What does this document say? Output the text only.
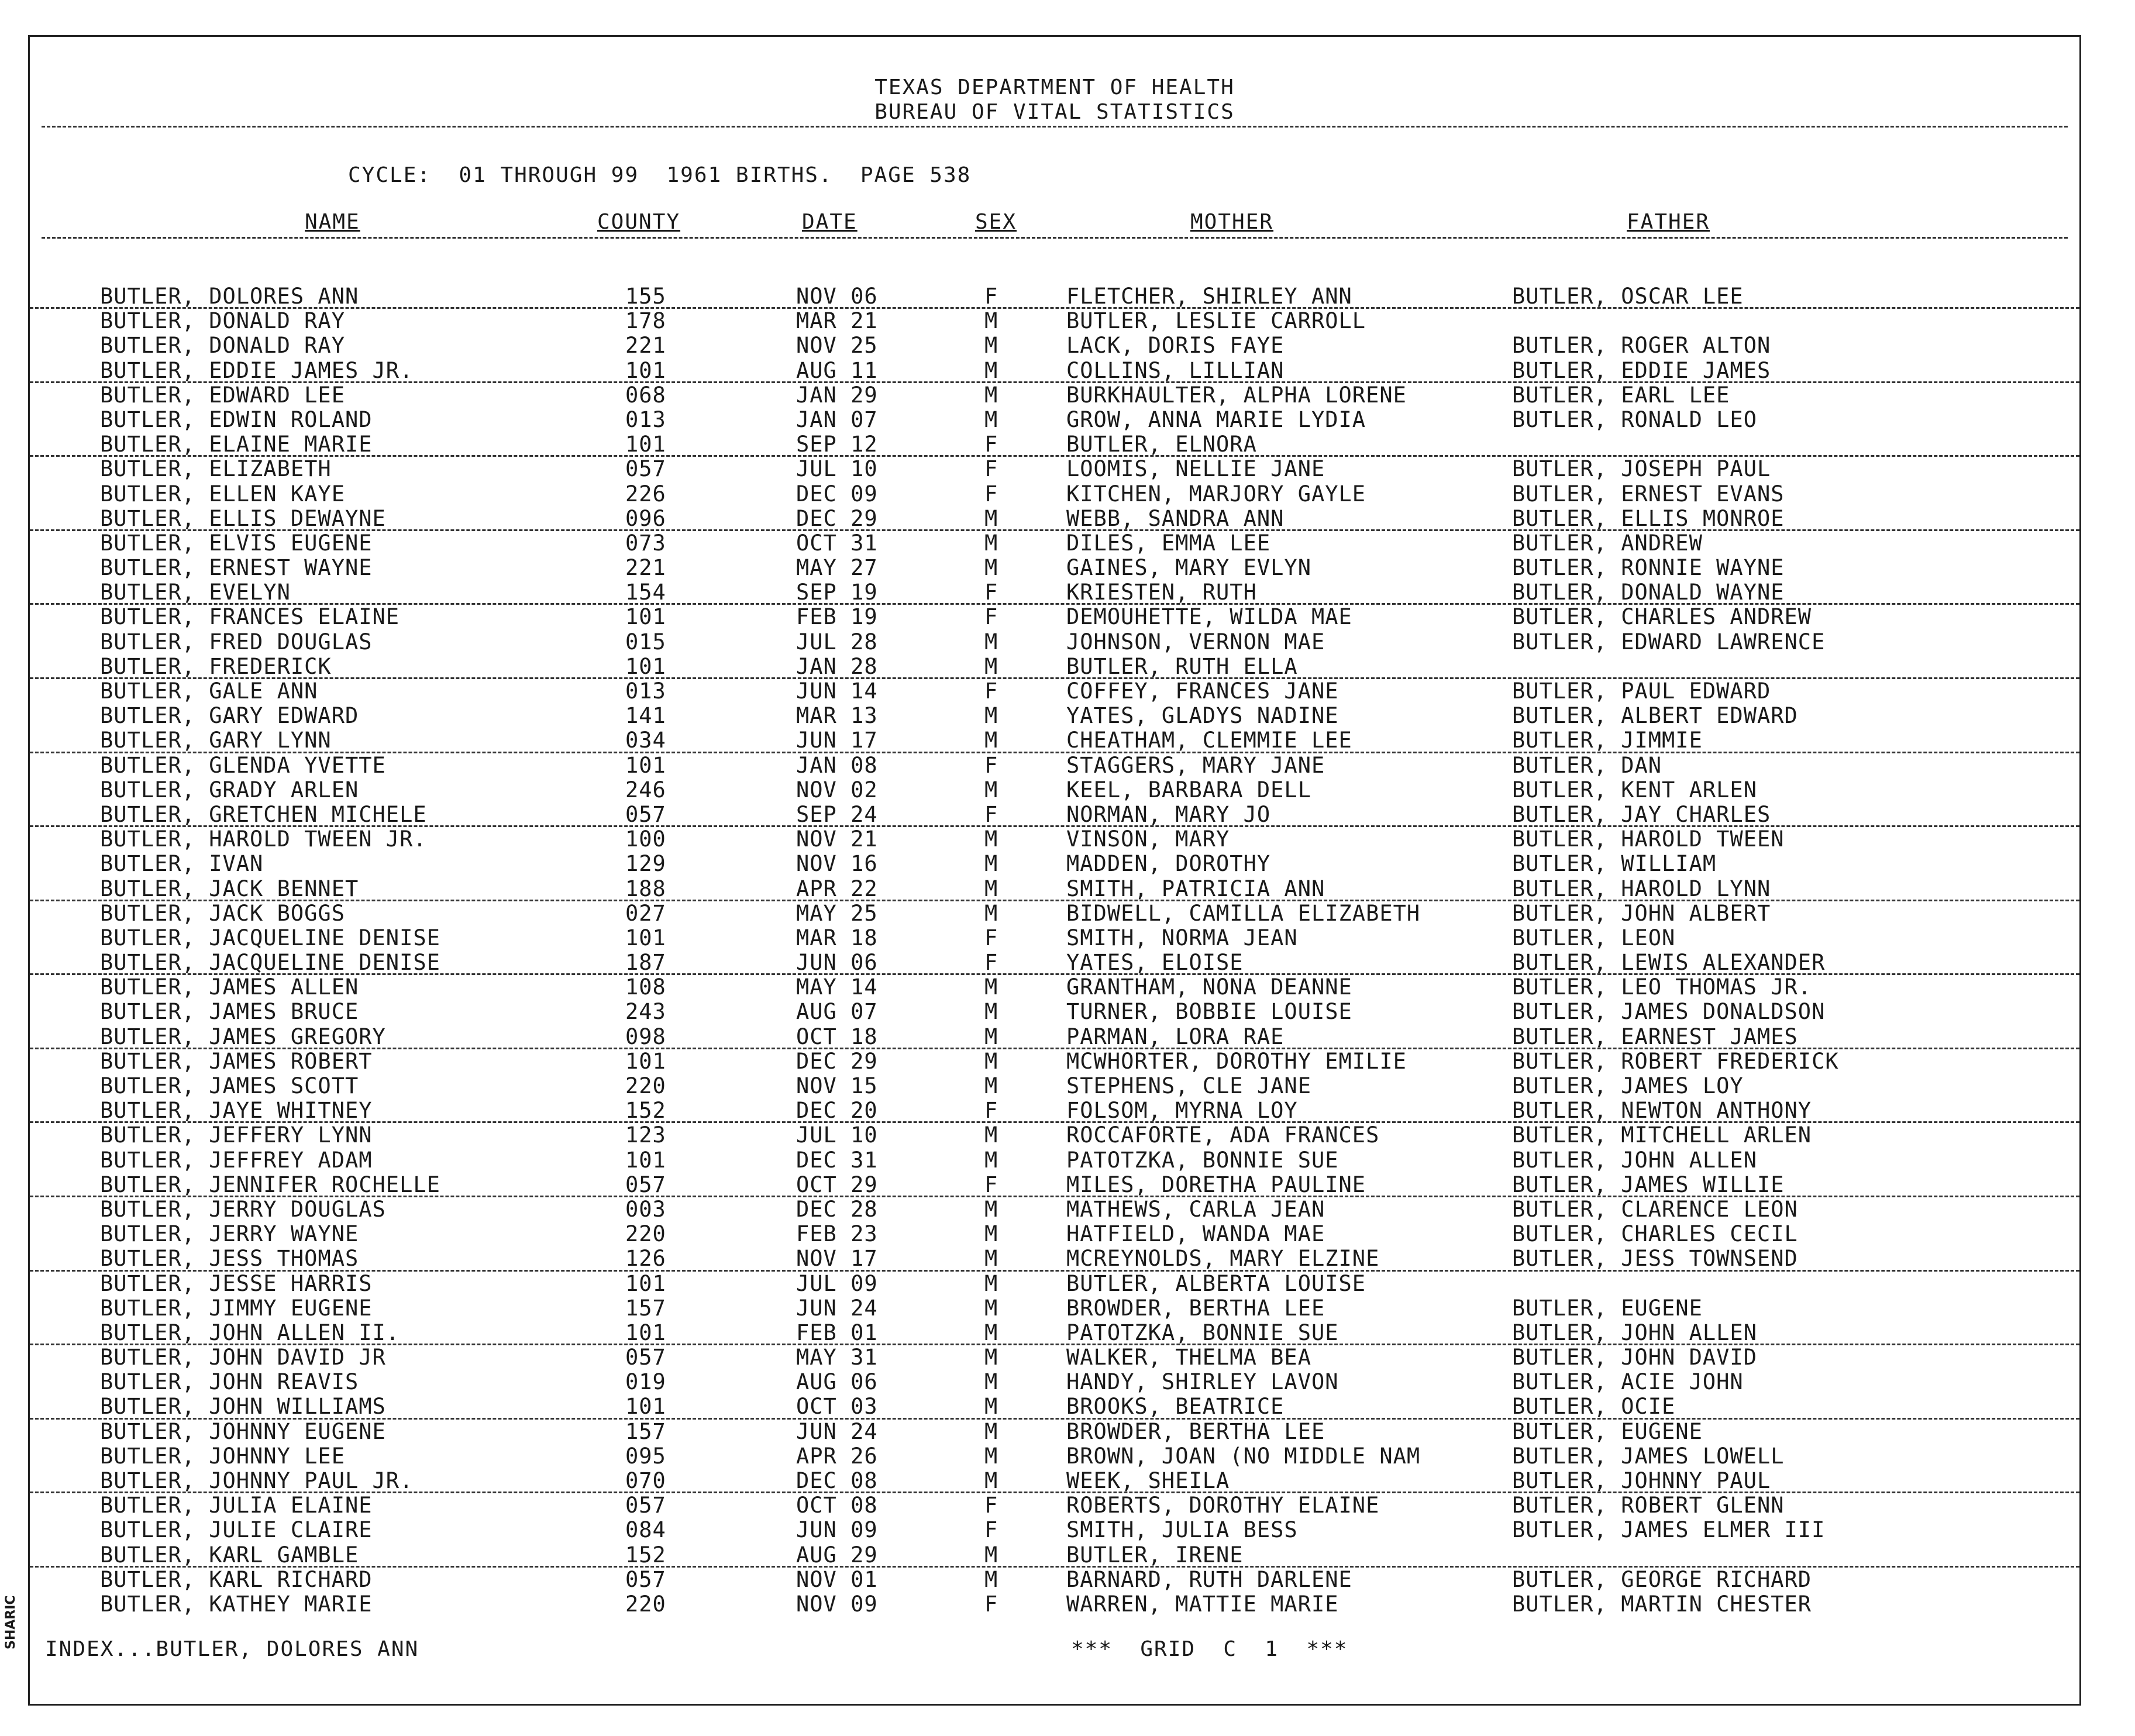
TEXAS DEPARTMENT OF HEALTH
BUREAU OF VITAL STATISTICS
CYCLE:  01 THROUGH 99  1961 BIRTHS.  PAGE 538
NAME	COUNTY	DATE	SEX	MOTHER	FATHER
BUTLER, DOLORES ANN	155	NOV 06	F	FLETCHER, SHIRLEY ANN	BUTLER, OSCAR LEE
BUTLER, DONALD RAY	178	MAR 21	M	BUTLER, LESLIE CARROLL
BUTLER, DONALD RAY	221	NOV 25	M	LACK, DORIS FAYE	BUTLER, ROGER ALTON
BUTLER, EDDIE JAMES JR.	101	AUG 11	M	COLLINS, LILLIAN	BUTLER, EDDIE JAMES
BUTLER, EDWARD LEE	068	JAN 29	M	BURKHAULTER, ALPHA LORENE	BUTLER, EARL LEE
BUTLER, EDWIN ROLAND	013	JAN 07	M	GROW, ANNA MARIE LYDIA	BUTLER, RONALD LEO
BUTLER, ELAINE MARIE	101	SEP 12	F	BUTLER, ELNORA
BUTLER, ELIZABETH	057	JUL 10	F	LOOMIS, NELLIE JANE	BUTLER, JOSEPH PAUL
BUTLER, ELLEN KAYE	226	DEC 09	F	KITCHEN, MARJORY GAYLE	BUTLER, ERNEST EVANS
BUTLER, ELLIS DEWAYNE	096	DEC 29	M	WEBB, SANDRA ANN	BUTLER, ELLIS MONROE
BUTLER, ELVIS EUGENE	073	OCT 31	M	DILES, EMMA LEE	BUTLER, ANDREW
BUTLER, ERNEST WAYNE	221	MAY 27	M	GAINES, MARY EVLYN	BUTLER, RONNIE WAYNE
BUTLER, EVELYN	154	SEP 19	F	KRIESTEN, RUTH	BUTLER, DONALD WAYNE
BUTLER, FRANCES ELAINE	101	FEB 19	F	DEMOUHETTE, WILDA MAE	BUTLER, CHARLES ANDREW
BUTLER, FRED DOUGLAS	015	JUL 28	M	JOHNSON, VERNON MAE	BUTLER, EDWARD LAWRENCE
BUTLER, FREDERICK	101	JAN 28	M	BUTLER, RUTH ELLA
BUTLER, GALE ANN	013	JUN 14	F	COFFEY, FRANCES JANE	BUTLER, PAUL EDWARD
BUTLER, GARY EDWARD	141	MAR 13	M	YATES, GLADYS NADINE	BUTLER, ALBERT EDWARD
BUTLER, GARY LYNN	034	JUN 17	M	CHEATHAM, CLEMMIE LEE	BUTLER, JIMMIE
BUTLER, GLENDA YVETTE	101	JAN 08	F	STAGGERS, MARY JANE	BUTLER, DAN
BUTLER, GRADY ARLEN	246	NOV 02	M	KEEL, BARBARA DELL	BUTLER, KENT ARLEN
BUTLER, GRETCHEN MICHELE	057	SEP 24	F	NORMAN, MARY JO	BUTLER, JAY CHARLES
BUTLER, HAROLD TWEEN JR.	100	NOV 21	M	VINSON, MARY	BUTLER, HAROLD TWEEN
BUTLER, IVAN	129	NOV 16	M	MADDEN, DOROTHY	BUTLER, WILLIAM
BUTLER, JACK BENNET	188	APR 22	M	SMITH, PATRICIA ANN	BUTLER, HAROLD LYNN
BUTLER, JACK BOGGS	027	MAY 25	M	BIDWELL, CAMILLA ELIZABETH	BUTLER, JOHN ALBERT
BUTLER, JACQUELINE DENISE	101	MAR 18	F	SMITH, NORMA JEAN	BUTLER, LEON
BUTLER, JACQUELINE DENISE	187	JUN 06	F	YATES, ELOISE	BUTLER, LEWIS ALEXANDER
BUTLER, JAMES ALLEN	108	MAY 14	M	GRANTHAM, NONA DEANNE	BUTLER, LEO THOMAS JR.
BUTLER, JAMES BRUCE	243	AUG 07	M	TURNER, BOBBIE LOUISE	BUTLER, JAMES DONALDSON
BUTLER, JAMES GREGORY	098	OCT 18	M	PARMAN, LORA RAE	BUTLER, EARNEST JAMES
BUTLER, JAMES ROBERT	101	DEC 29	M	MCWHORTER, DOROTHY EMILIE	BUTLER, ROBERT FREDERICK
BUTLER, JAMES SCOTT	220	NOV 15	M	STEPHENS, CLE JANE	BUTLER, JAMES LOY
BUTLER, JAYE WHITNEY	152	DEC 20	F	FOLSOM, MYRNA LOY	BUTLER, NEWTON ANTHONY
BUTLER, JEFFERY LYNN	123	JUL 10	M	ROCCAFORTE, ADA FRANCES	BUTLER, MITCHELL ARLEN
BUTLER, JEFFREY ADAM	101	DEC 31	M	PATOTZKA, BONNIE SUE	BUTLER, JOHN ALLEN
BUTLER, JENNIFER ROCHELLE	057	OCT 29	F	MILES, DORETHA PAULINE	BUTLER, JAMES WILLIE
BUTLER, JERRY DOUGLAS	003	DEC 28	M	MATHEWS, CARLA JEAN	BUTLER, CLARENCE LEON
BUTLER, JERRY WAYNE	220	FEB 23	M	HATFIELD, WANDA MAE	BUTLER, CHARLES CECIL
BUTLER, JESS THOMAS	126	NOV 17	M	MCREYNOLDS, MARY ELZINE	BUTLER, JESS TOWNSEND
BUTLER, JESSE HARRIS	101	JUL 09	M	BUTLER, ALBERTA LOUISE
BUTLER, JIMMY EUGENE	157	JUN 24	M	BROWDER, BERTHA LEE	BUTLER, EUGENE
BUTLER, JOHN ALLEN II.	101	FEB 01	M	PATOTZKA, BONNIE SUE	BUTLER, JOHN ALLEN
BUTLER, JOHN DAVID JR	057	MAY 31	M	WALKER, THELMA BEA	BUTLER, JOHN DAVID
BUTLER, JOHN REAVIS	019	AUG 06	M	HANDY, SHIRLEY LAVON	BUTLER, ACIE JOHN
BUTLER, JOHN WILLIAMS	101	OCT 03	M	BROOKS, BEATRICE	BUTLER, OCIE
BUTLER, JOHNNY EUGENE	157	JUN 24	M	BROWDER, BERTHA LEE	BUTLER, EUGENE
BUTLER, JOHNNY LEE	095	APR 26	M	BROWN, JOAN (NO MIDDLE NAM	BUTLER, JAMES LOWELL
BUTLER, JOHNNY PAUL JR.	070	DEC 08	M	WEEK, SHEILA	BUTLER, JOHNNY PAUL
BUTLER, JULIA ELAINE	057	OCT 08	F	ROBERTS, DOROTHY ELAINE	BUTLER, ROBERT GLENN
BUTLER, JULIE CLAIRE	084	JUN 09	F	SMITH, JULIA BESS	BUTLER, JAMES ELMER III
BUTLER, KARL GAMBLE	152	AUG 29	M	BUTLER, IRENE
BUTLER, KARL RICHARD	057	NOV 01	M	BARNARD, RUTH DARLENE	BUTLER, GEORGE RICHARD
BUTLER, KATHEY MARIE	220	NOV 09	F	WARREN, MATTIE MARIE	BUTLER, MARTIN CHESTER
INDEX...BUTLER, DOLORES ANN	***  GRID  C  1  ***
SHARIC
